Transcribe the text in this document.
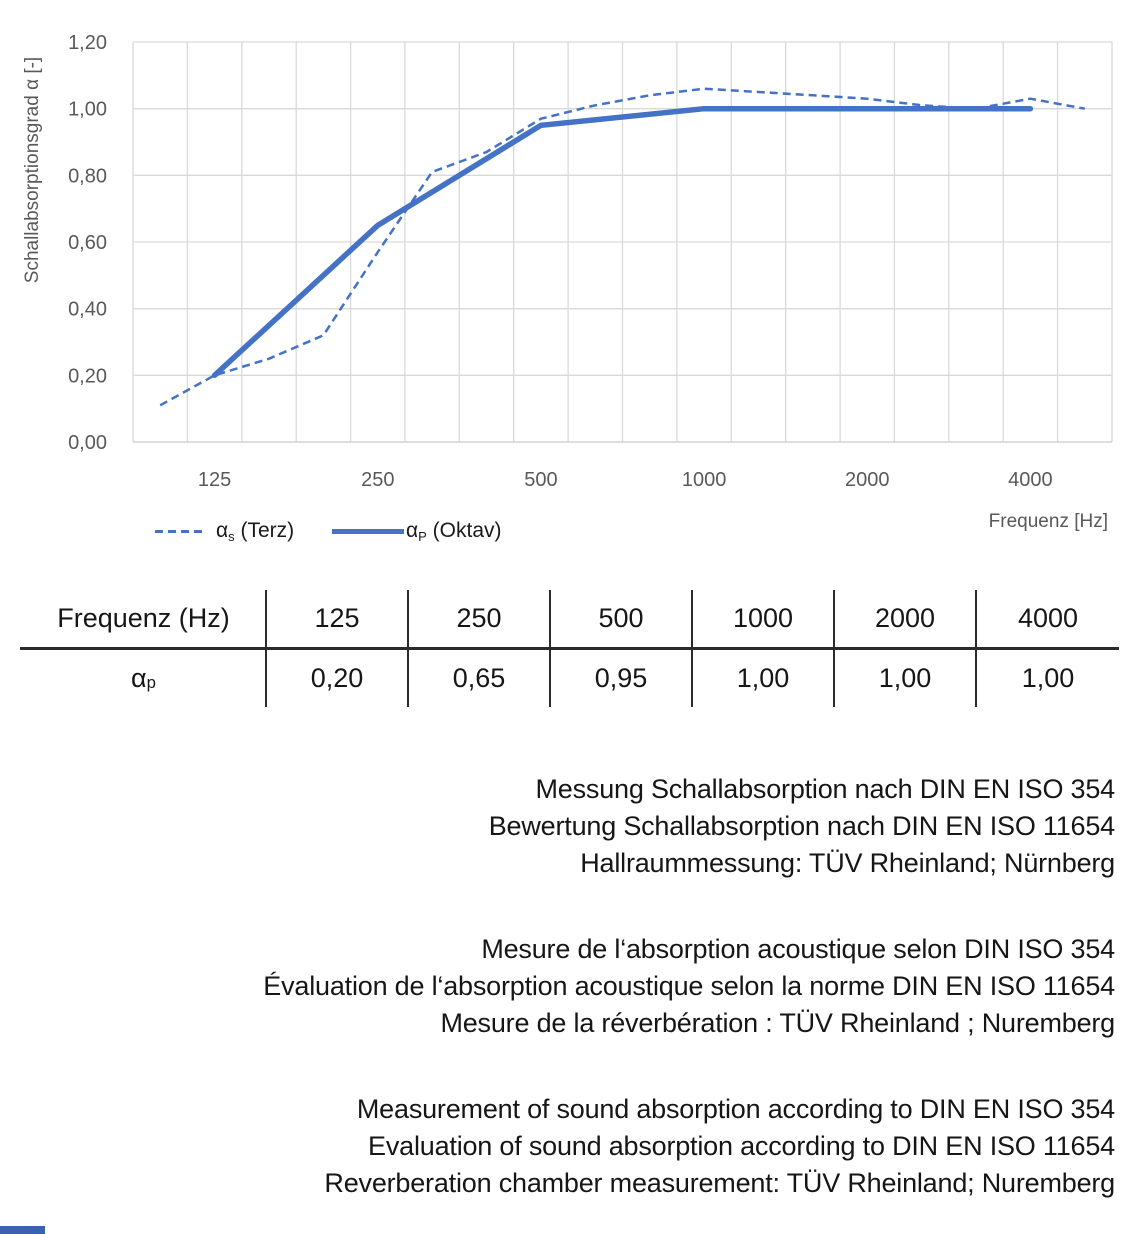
1,20
1,00
0,80
0,60
0,40
0,20
0,00
125	250	500	1000	2000	4000
Frequenz [Hz]
Schallabsorptionsgrad α [-]
αs (Terz)	αP (Oktav)
Frequenz (Hz)	125	250	500	1000	2000	4000
α p	0,20	0,65	0,95	1,00	1,00	1,00
Messung Schallabsorption nach DIN EN ISO 354
Bewertung Schallabsorption nach DIN EN ISO 11654
Hallraummessung: TÜV Rheinland; Nürnberg
Mesure de l‘absorption acoustique selon DIN ISO 354
Évaluation de l‘absorption acoustique selon la norme DIN EN ISO 11654
Mesure de la réverbération : TÜV Rheinland ; Nuremberg
Measurement of sound absorption according to DIN EN ISO 354
Evaluation of sound absorption according to DIN EN ISO 11654
Reverberation chamber measurement: TÜV Rheinland; Nuremberg
